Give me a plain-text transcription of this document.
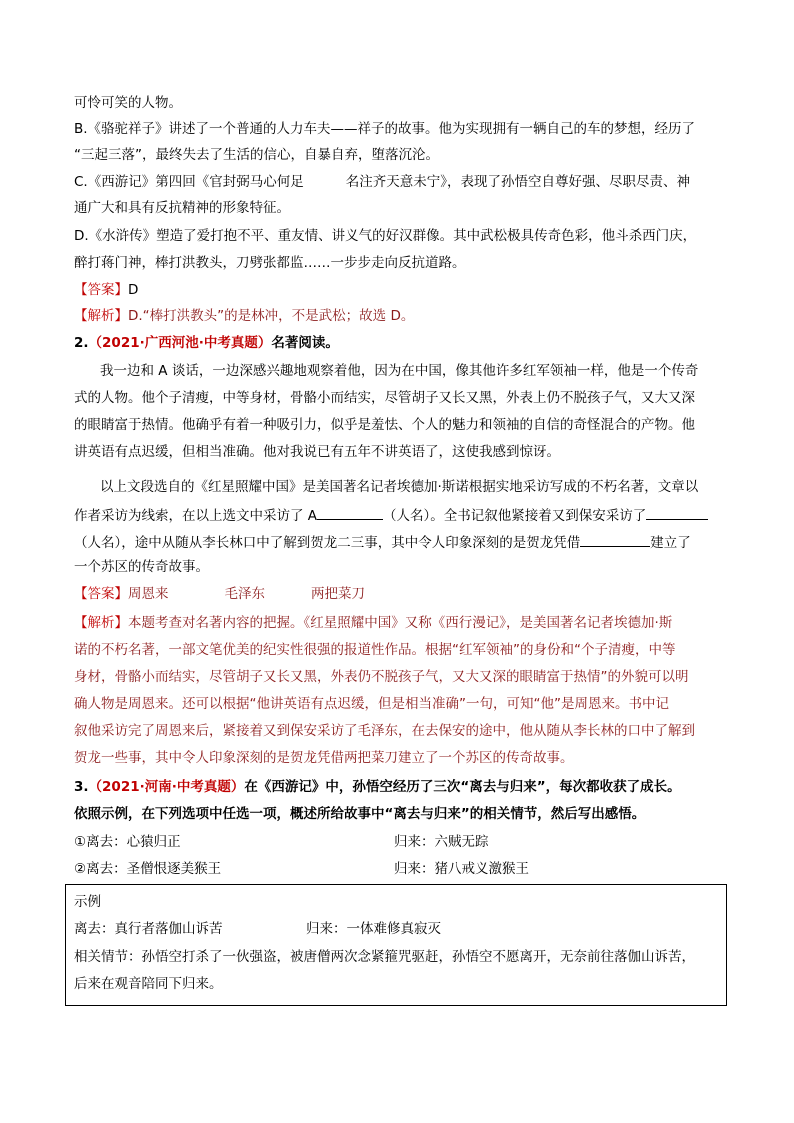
可怜可笑的人物。
B.《骆驼祥子》讲述了一个普通的人力车夫——祥子的故事。他为实现拥有一辆自己的车的梦想，经历了
“三起三落”，最终失去了生活的信心，自暴自弃，堕落沉沦。
C.《西游记》第四回《官封弼马心何足	名注齐天意未宁》，表现了孙悟空自尊好强、尽职尽责、神
通广大和具有反抗精神的形象特征。
D.《水浒传》塑造了爱打抱不平、重友情、讲义气的好汉群像。其中武松极具传奇色彩，他斗杀西门庆，
醉打蒋门神，棒打洪教头，刀劈张都监……一步步走向反抗道路。
【答案】D
【解析】D.“棒打洪教头”的是林冲，不是武松；故选 D。
2.（2021·广西河池·中考真题）名著阅读。
我一边和 A 谈话，一边深感兴趣地观察着他，因为在中国，像其他许多红军领袖一样，他是一个传奇
式的人物。他个子清瘦，中等身材，骨骼小而结实，尽管胡子又长又黑，外表上仍不脱孩子气，又大又深
的眼睛富于热情。他确乎有着一种吸引力，似乎是羞怯、个人的魅力和领袖的自信的奇怪混合的产物。他
讲英语有点迟缓，但相当准确。他对我说已有五年不讲英语了，这使我感到惊讶。
以上文段选自的《红星照耀中国》是美国著名记者埃德加·斯诺根据实地采访写成的不朽名著，文章以
作者采访为线索，在以上选文中采访了 A	（人名）。全书记叙他紧接着又到保安采访了
（人名），途中从随从李长林口中了解到贺龙二三事，其中令人印象深刻的是贺龙凭借	建立了
一个苏区的传奇故事。
【答案】周恩来	毛泽东	两把菜刀
【解析】本题考查对名著内容的把握。《红星照耀中国》又称《西行漫记》，是美国著名记者埃德加·斯
诺的不朽名著，一部文笔优美的纪实性很强的报道性作品。根据“红军领袖”的身份和“个子清瘦，中等
身材，骨骼小而结实，尽管胡子又长又黑，外表仍不脱孩子气，又大又深的眼睛富于热情”的外貌可以明
确人物是周恩来。还可以根据“他讲英语有点迟缓，但是相当准确”一句，可知“他”是周恩来。书中记
叙他采访完了周恩来后，紧接着又到保安采访了毛泽东，在去保安的途中，他从随从李长林的口中了解到
贺龙一些事，其中令人印象深刻的是贺龙凭借两把菜刀建立了一个苏区的传奇故事。
3.（2021·河南·中考真题）在《西游记》中，孙悟空经历了三次“离去与归来”，每次都收获了成长。
依照示例，在下列选项中任选一项，概述所给故事中“离去与归来”的相关情节，然后写出感悟。
①离去：心猿归正	归来：六贼无踪
②离去：圣僧恨逐美猴王	归来：猪八戒义激猴王
示例
离去：真行者落伽山诉苦	归来：一体难修真寂灭
相关情节：孙悟空打杀了一伙强盗，被唐僧两次念紧箍咒驱赶，孙悟空不愿离开，无奈前往落伽山诉苦，
后来在观音陪同下归来。
